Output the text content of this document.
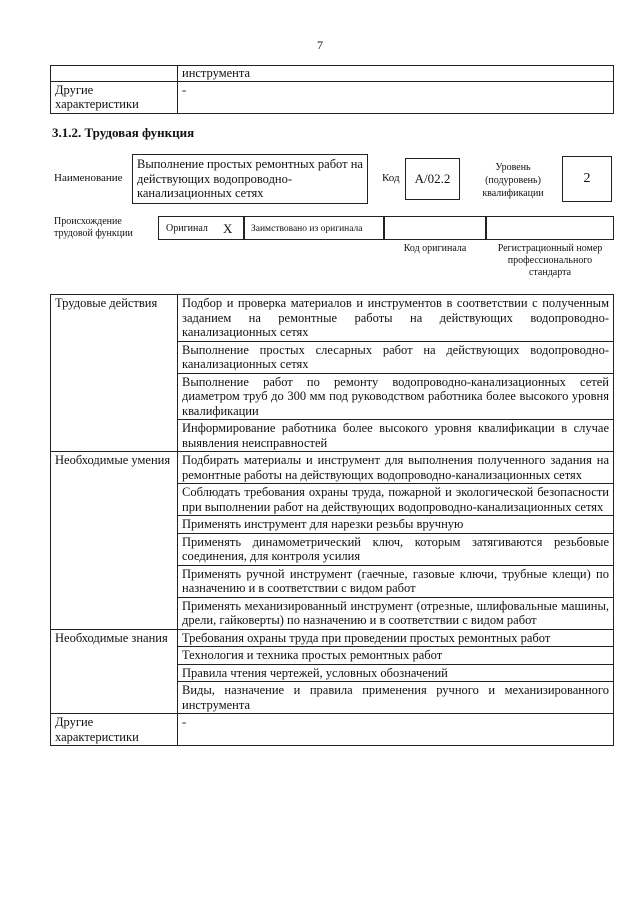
7
	инструмента
Другие характеристики	-
3.1.2. Трудовая функция
Наименование
Выполнение простых ремонтных работ на действующих водопроводно-канализационных сетях
Код	А/02.2
Уровень (подуровень) квалификации
2
Происхождение трудовой функции	Оригинал X Заимствовано из оригинала
Код оригинала	Регистрационный номер профессионального стандарта
Трудовые действия	Подбор и проверка материалов и инструментов в соответствии с полученным заданием на ремонтные работы на действующих водопроводно-канализационных сетях
	Выполнение простых слесарных работ на действующих водопроводно-канализационных сетях
	Выполнение работ по ремонту водопроводно-канализационных сетей диаметром труб до 300 мм под руководством работника более высокого уровня квалификации
	Информирование работника более высокого уровня квалификации в случае выявления неисправностей
Необходимые умения	Подбирать материалы и инструмент для выполнения полученного задания на ремонтные работы на действующих водопроводно-канализационных сетях
	Соблюдать требования охраны труда, пожарной и экологической безопасности при выполнении работ на действующих водопроводно-канализационных сетях
	Применять инструмент для нарезки резьбы вручную
	Применять динамометрический ключ, которым затягиваются резьбовые соединения, для контроля усилия
	Применять ручной инструмент (гаечные, газовые ключи, трубные клещи) по назначению и в соответствии с видом работ
	Применять механизированный инструмент (отрезные, шлифовальные машины, дрели, гайковерты) по назначению и в соответствии с видом работ
Необходимые знания	Требования охраны труда при проведении простых ремонтных работ
	Технология и техника простых ремонтных работ
	Правила чтения чертежей, условных обозначений
	Виды, назначение и правила применения ручного и механизированного инструмента
Другие характеристики	-
